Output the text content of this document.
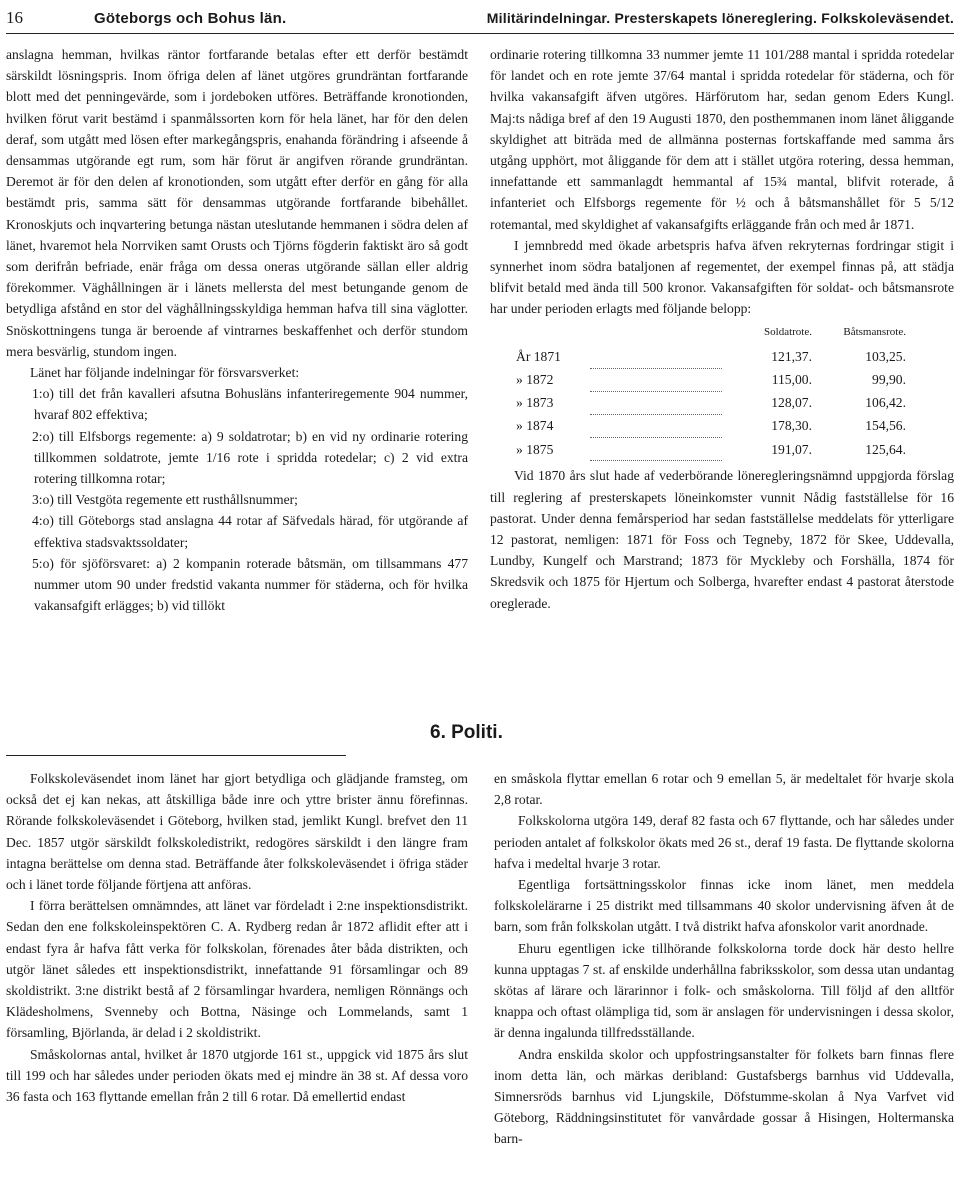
16	Göteborgs och Bohus län.	Militärindelningar. Presterskapets lönereglering. Folkskoleväsendet.

anslagna hemman, hvilkas räntor fortfarande betalas efter ett derför bestämdt särskildt lösningspris. Inom öfriga delen af länet utgöres grundräntan fortfarande blott med det penningevärde, som i jordeboken utföres. Beträffande kronotionden, hvilken förut varit bestämd i spanmålssorten korn för hela länet, har för den delen deraf, som utgått med lösen efter markegångspris, enahanda förändring i afseende å densammas utgörande egt rum, som här förut är angifven rörande grundräntan. Deremot är för den delen af kronotionden, som utgått efter derför en gång för alla bestämdt pris, samma sätt för densammas utgörande fortfarande bibehållet. Kronoskjuts och inqvartering betunga nästan uteslutande hemmanen i södra delen af länet, hvaremot hela Norrviken samt Orusts och Tjörns fögderin faktiskt äro så godt som derifrån befriade, enär fråga om dessa oneras utgörande sällan eller aldrig förekommer. Väghållningen är i länets mellersta del mest betungande genom de betydliga afstånd en stor del väghållningsskyldiga hemman hafva till sina väglotter. Snöskottningens tunga är beroende af vintrarnes beskaffenhet och derför stundom mera besvärlig, stundom ingen.

Länet har följande indelningar för försvarsverket:

1:o) till det från kavalleri afsutna Bohusläns infanteriregemente 904 nummer, hvaraf 802 effektiva;

2:o) till Elfsborgs regemente: a) 9 soldatrotar; b) en vid ny ordinarie rotering tillkommen soldatrote, jemte 1/16 rote i spridda rotedelar; c) 2 vid extra rotering tillkomna rotar;

3:o) till Vestgöta regemente ett rusthållsnummer;

4:o) till Göteborgs stad anslagna 44 rotar af Säfvedals härad, för utgörande af effektiva stadsvaktssoldater;

5:o) för sjöförsvaret: a) 2 kompanin roterade båtsmän, om tillsammans 477 nummer utom 90 under fredstid vakanta nummer för städerna, och för hvilka vakansafgift erlägges; b) vid tillökt

ordinarie rotering tillkomna 33 nummer jemte 11 101/288 mantal i spridda rotedelar för landet och en rote jemte 37/64 mantal i spridda rotedelar för städerna, och för hvilka vakansafgift äfven utgöres. Härförutom har, sedan genom Eders Kungl. Maj:ts nådiga bref af den 19 Augusti 1870, den posthemmanen inom länet åliggande skyldighet att biträda med de allmänna posternas fortskaffande med samma års utgång upphört, mot åliggande för dem att i stället utgöra rotering, dessa hemman, innefattande ett sammanlagdt hemmantal af 15¾ mantal, blifvit roterade, å infanteriet och Elfsborgs regemente för ½ och å båtsmanshållet för 5 5/12 rotemantal, med skyldighet af vakansafgifts erläggande från och med år 1871.

I jemnbredd med ökade arbetspris hafva äfven rekryternas fordringar stigit i synnerhet inom södra bataljonen af regementet, der exempel finnas på, att städja blifvit betald med ända till 500 kronor. Vakansafgiften för soldat- och båtsmansrote har under perioden erlagts med följande belopp:

		Soldatrote.	Båtsmansrote.
År 1871		121,37.	103,25.
» 1872		115,00.	99,90.
» 1873		128,07.	106,42.
» 1874		178,30.	154,56.
» 1875		191,07.	125,64.

Vid 1870 års slut hade af vederbörande löneregleringsnämnd uppgjorda förslag till reglering af presterskapets löneinkomster vunnit Nådig fastställelse för 16 pastorat. Under denna femårsperiod har sedan fastställelse meddelats för ytterligare 12 pastorat, nemligen: 1871 för Foss och Tegneby, 1872 för Skee, Uddevalla, Lundby, Kungelf och Marstrand; 1873 för Myckleby och Forshälla, 1874 för Skredsvik och 1875 för Hjertum och Solberga, hvarefter endast 4 pastorat återstode oreglerade.

6. Politi.

Folkskoleväsendet inom länet har gjort betydliga och glädjande framsteg, om också det ej kan nekas, att åtskilliga både inre och yttre brister ännu förefinnas. Rörande folkskoleväsendet i Göteborg, hvilken stad, jemlikt Kungl. brefvet den 11 Dec. 1857 utgör särskildt folkskoledistrikt, redogöres särskildt i den längre fram intagna berättelse om denna stad. Beträffande åter folkskoleväsendet i öfriga städer och i länet torde följande förtjena att anföras.

I förra berättelsen omnämndes, att länet var fördeladt i 2:ne inspektionsdistrikt. Sedan den ene folkskoleinspektören C. A. Rydberg redan år 1872 aflidit efter att i endast fyra år hafva fått verka för folkskolan, förenades åter båda distrikten, och utgör länet således ett inspektionsdistrikt, innefattande 91 församlingar och 89 skoldistrikt. 3:ne distrikt bestå af 2 församlingar hvardera, nemligen Rönnängs och Klädesholmens, Svenneby och Bottna, Näsinge och Lommelands, samt 1 församling, Björlanda, är delad i 2 skoldistrikt.

Småskolornas antal, hvilket år 1870 utgjorde 161 st., uppgick vid 1875 års slut till 199 och har således under perioden ökats med ej mindre än 38 st. Af dessa voro 36 fasta och 163 flyttande emellan från 2 till 6 rotar. Då emellertid endast

en småskola flyttar emellan 6 rotar och 9 emellan 5, är medeltalet för hvarje skola 2,8 rotar.

Folkskolorna utgöra 149, deraf 82 fasta och 67 flyttande, och har således under perioden antalet af folkskolor ökats med 26 st., deraf 19 fasta. De flyttande skolorna hafva i medeltal hvarje 3 rotar.

Egentliga fortsättningsskolor finnas icke inom länet, men meddela folkskolelärarne i 25 distrikt med tillsammans 40 skolor undervisning äfven åt de barn, som från folkskolan utgått. I två distrikt hafva afonskolor varit anordnade.

Ehuru egentligen icke tillhörande folkskolorna torde dock här desto hellre kunna upptagas 7 st. af enskilde underhållna fabriksskolor, som dessa utan undantag skötas af lärare och lärarinnor i folk- och småskolorna. Till följd af den alltför knappa och oftast olämpliga tid, som är anslagen för undervisningen i dessa skolor, är denna ingalunda tillfredsställande.

Andra enskilda skolor och uppfostringsanstalter för folkets barn finnas flere inom detta län, och märkas deribland: Gustafsbergs barnhus vid Uddevalla, Simnersröds barnhus vid Ljungskile, Döfstumme-skolan å Nya Varfvet vid Göteborg, Räddningsinstitutet för vanvårdade gossar å Hisingen, Holtermanska barn-
